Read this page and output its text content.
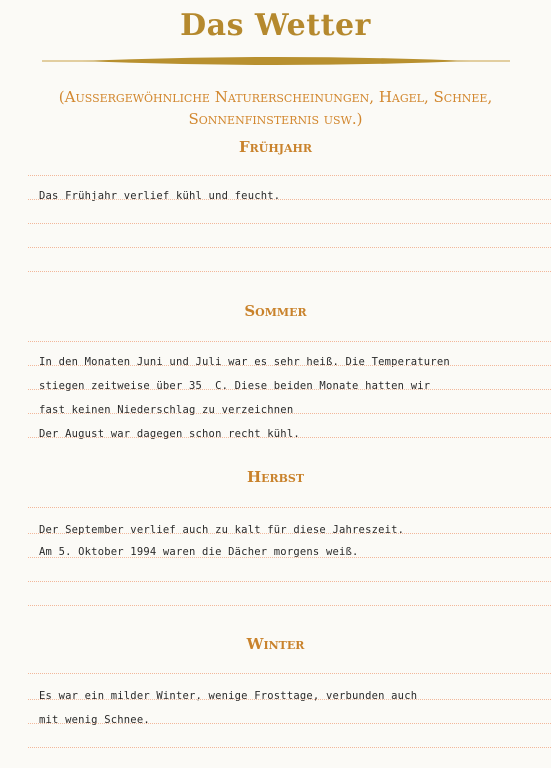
Das Wetter

(Aussergewöhnliche Naturerscheinungen, Hagel, Schnee,
Sonnenfinsternis usw.)

Frühjahr
Das Frühjahr verlief kühl und feucht.
Sommer
In den Monaten Juni und Juli war es sehr heiß. Die Temperaturen
stiegen zeitweise über 35  C. Diese beiden Monate hatten wir
fast keinen Niederschlag zu verzeichnen
Der August war dagegen schon recht kühl.
Herbst
Der September verlief auch zu kalt für diese Jahreszeit.
Am 5. Oktober 1994 waren die Dächer morgens weiß.
Winter
Es war ein milder Winter, wenige Frosttage, verbunden auch
mit wenig Schnee.
